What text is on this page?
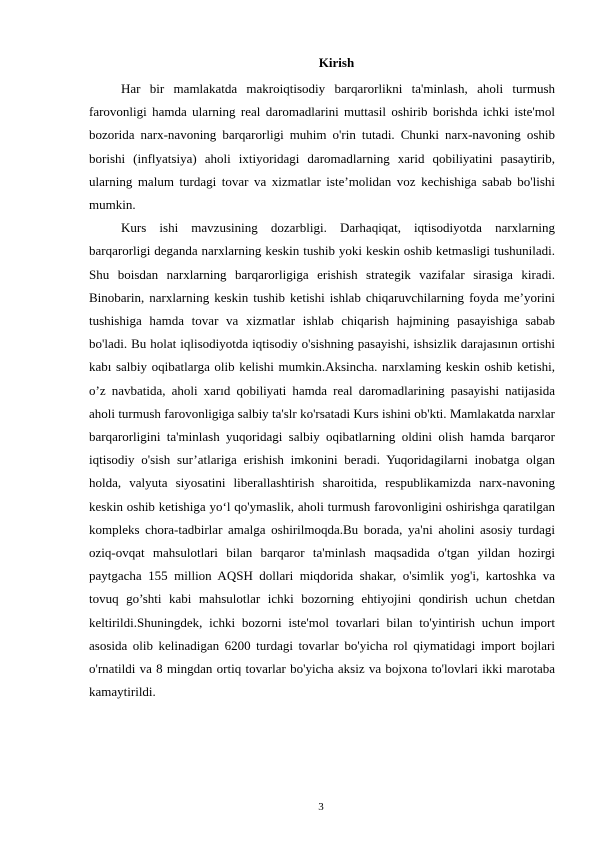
Kirish

Har bir mamlakatda makroiqtisodiy barqarorlikni ta'minlash, aholi turmush farovonligi hamda ularning real daromadlarini muttasil oshirib borishda ichki iste'mol bozorida narx-navoning barqarorligi muhim o'rin tutadi. Chunki narx-navoning oshib borishi (inflyatsiya) aholi ixtiyoridagi daromadlarning xarid qobiliyatini pasaytirib, ularning malum turdagi tovar va xizmatlar iste’molidan voz kechishiga sabab bo'lishi mumkin.

Kurs ishi mavzusining dozarbligi. Darhaqiqat, iqtisodiyotda narxlarning barqarorligi deganda narxlarning keskin tushib yoki keskin oshib ketmasligi tushuniladi. Shu boisdan narxlarning barqarorligiga erishish strategik vazifalar sirasiga kiradi. Binobarin, narxlarning keskin tushib ketishi ishlab chiqaruvchilarning foyda me’yorini tushishiga hamda tovar va xizmatlar ishlab chiqarish hajmining pasayishiga sabab bo'ladi. Bu holat iqlisodiyotda iqtisodiy o'sishning pasayishi, ishsizlik darajasının ortishi kabı salbiy oqibatlarga olib kelishi mumkin.Aksincha. narxlaming keskin oshib ketishi, o’z navbatida, aholi xarıd qobiliyati hamda real daromadlarining pasayishi natijasida aholi turmush farovonligiga salbiy ta'slr ko'rsatadi Kurs ishini ob'kti. Mamlakatda narxlar barqarorligini ta'minlash yuqoridagi salbiy oqibatlarning oldini olish hamda barqaror iqtisodiy o'sish sur’atlariga erishish imkonini beradi. Yuqoridagilarni inobatga olgan holda, valyuta siyosatini liberallashtirish sharoitida, respublikamizda narx-navoning keskin oshib ketishiga yo‘l qo'ymaslik, aholi turmush farovonligini oshirishga qaratilgan kompleks chora-tadbirlar amalga oshirilmoqda.Bu borada, ya'ni aholini asosiy turdagi oziq-ovqat mahsulotlari bilan barqaror ta'minlash maqsadida o'tgan yildan hozirgi paytgacha 155 million AQSH dollari miqdorida shakar, o'simlik yog'i, kartoshka va tovuq go’shti kabi mahsulotlar ichki bozorning ehtiyojini qondirish uchun chetdan keltirildi.Shuningdek, ichki bozorni iste'mol tovarlari bilan to'yintirish uchun import asosida olib kelinadigan 6200 turdagi tovarlar bo'yicha rol qiymatidagi import bojlari o'rnatildi va 8 mingdan ortiq tovarlar bo'yicha aksiz va bojxona to'lovlari ikki marotaba kamaytirildi.

3
